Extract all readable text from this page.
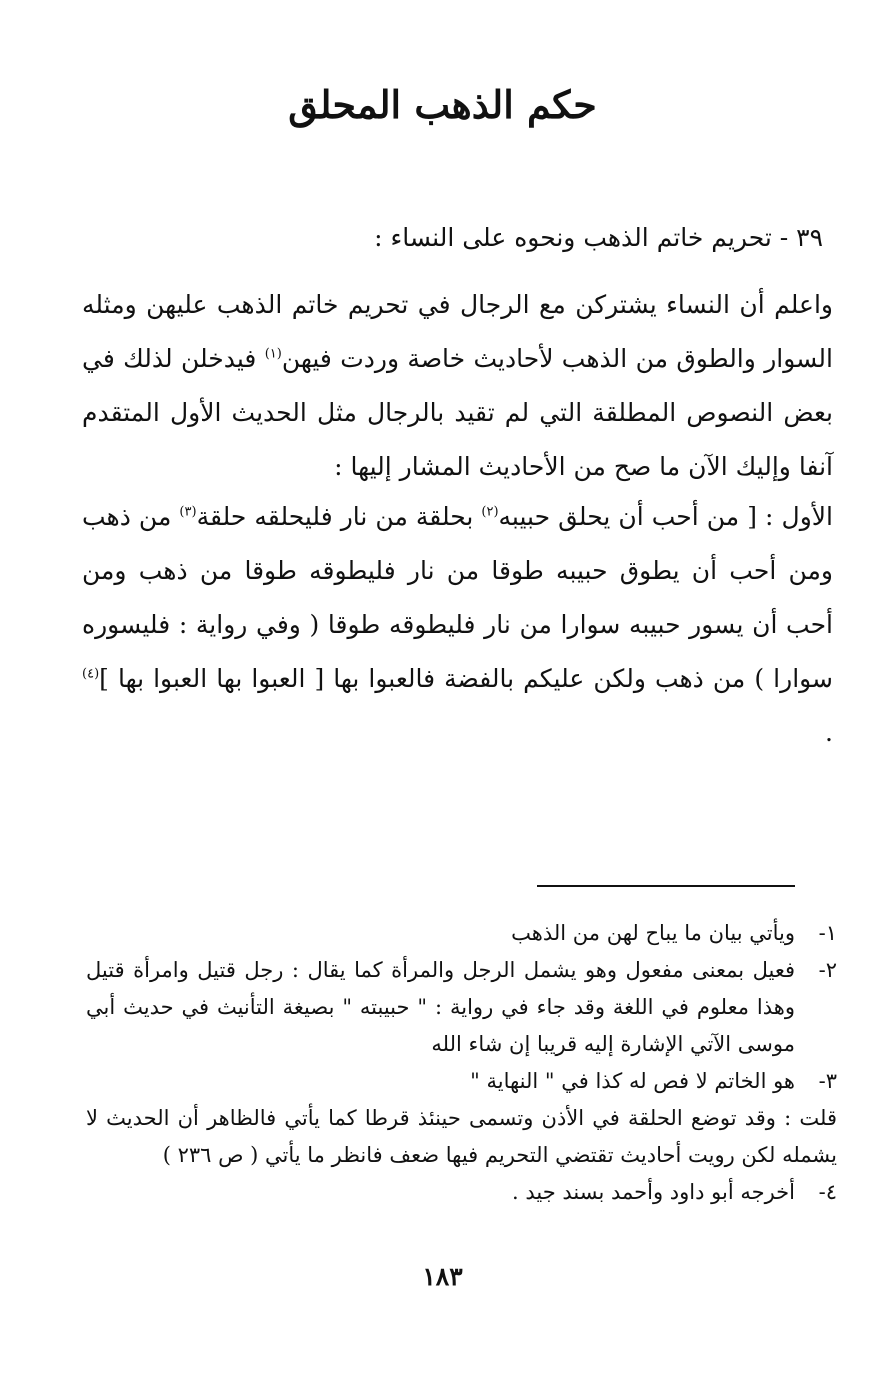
حكم الذهب المحلق

٣٩ - تحريم خاتم الذهب ونحوه على النساء :

واعلم أن النساء يشتركن مع الرجال في تحريم خاتم الذهب عليهن ومثله السوار والطوق من الذهب لأحاديث خاصة وردت فيهن$^{(١)}$ فيدخلن لذلك في بعض النصوص المطلقة التي لم تقيد بالرجال مثل الحديث الأول المتقدم آنفا وإليك الآن ما صح من الأحاديث المشار إليها :

الأول : [ من أحب أن يحلق حبيبه$^{(٢)}$ بحلقة من نار فليحلقه حلقة$^{(٣)}$ من ذهب ومن أحب أن يطوق حبيبه طوقا من نار فليطوقه طوقا من ذهب ومن أحب أن يسور حبيبه سوارا من نار فليطوقه طوقا ( وفي رواية : فليسوره سوارا ) من ذهب ولكن عليكم بالفضة فالعبوا بها [ العبوا بها العبوا بها ]$^{(٤)}$ .

١-
ويأتي بيان ما يباح لهن من الذهب
٢-
فعيل بمعنى مفعول وهو يشمل الرجل والمرأة كما يقال : رجل قتيل وامرأة قتيل وهذا معلوم في اللغة وقد جاء في رواية : " حبيبته " بصيغة التأنيث في حديث أبي موسى الآتي الإشارة إليه قريبا إن شاء الله
٣-
هو الخاتم لا فص له كذا في " النهاية "
قلت : وقد توضع الحلقة في الأذن وتسمى حينئذ قرطا كما يأتي فالظاهر أن الحديث لا يشمله لكن رويت أحاديث تقتضي التحريم فيها ضعف فانظر ما يأتي ( ص ٢٣٦ )
٤-
أخرجه أبو داود وأحمد بسند جيد .
١٨٣
